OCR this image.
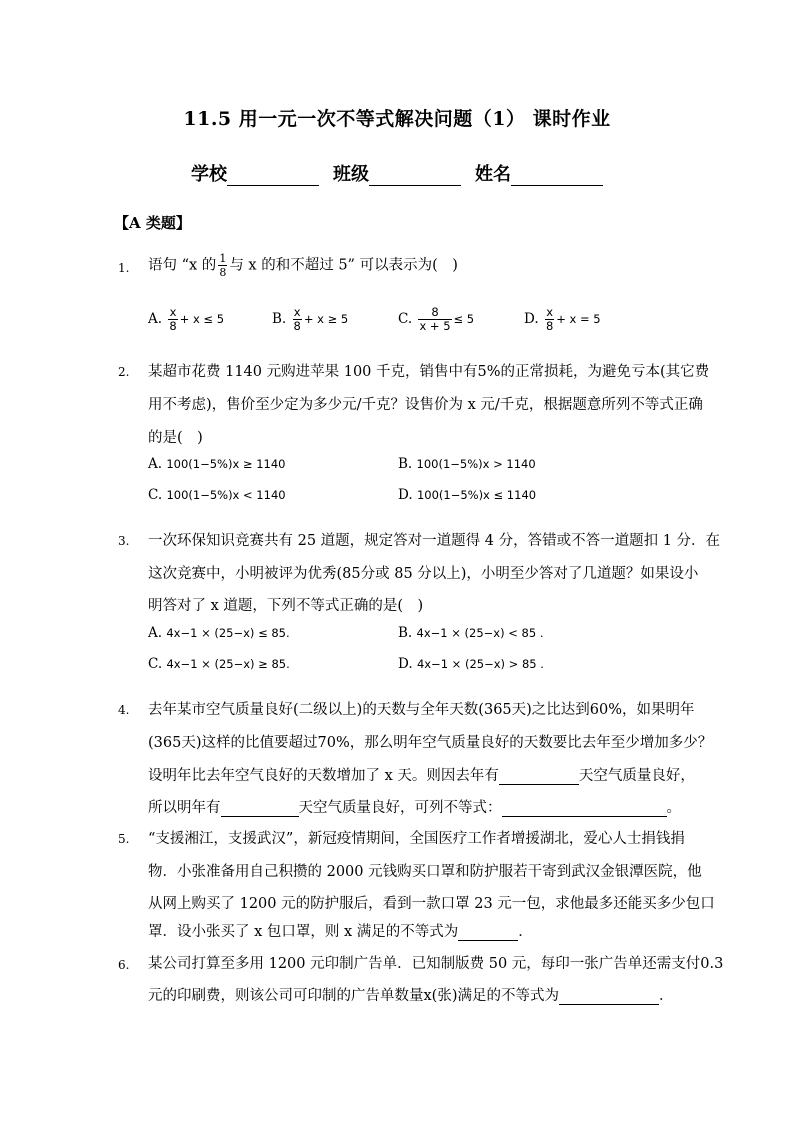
11.5 用一元一次不等式解决问题（1） 课时作业
学校	班级	姓名
【A 类题】
1. 语句 “x 的 $\frac{1}{8}$ 与 x 的和不超过 5” 可以表示为(　)
A. $\frac{x}{8} + x \le 5$	B. $\frac{x}{8} + x \ge 5$	C. $\frac{8}{x + 5} \le 5$	D. $\frac{x}{8} + x = 5$
2. 某超市花费 1140 元购进苹果 100 千克，销售中有5%的正常损耗，为避免亏本(其它费
用不考虑)，售价至少定为多少元/千克？设售价为 x 元/千克，根据题意所列不等式正确
的是(　)
A. 100(1−5%)x ≥ 1140	B. 100(1−5%)x > 1140
C. 100(1−5%)x < 1140	D. 100(1−5%)x ≤ 1140
3. 一次环保知识竞赛共有 25 道题，规定答对一道题得 4 分，答错或不答一道题扣 1 分．在
这次竞赛中，小明被评为优秀(85分或 85 分以上)，小明至少答对了几道题？如果设小
明答对了 x 道题，下列不等式正确的是(　)
A. 4x−1 × (25−x) ≤ 85.	B. 4x−1 × (25−x) < 85 .
C. 4x−1 × (25−x) ≥ 85.	D. 4x−1 × (25−x) > 85 .
4. 去年某市空气质量良好(二级以上)的天数与全年天数(365天)之比达到60%，如果明年
(365天)这样的比值要超过70%，那么明年空气质量良好的天数要比去年至少增加多少？
设明年比去年空气良好的天数增加了 x 天。则因去年有	天空气质量良好，
所以明年有	天空气质量良好，可列不等式：	。
5. “支援湘江，支援武汉”，新冠疫情期间，全国医疗工作者增援湖北，爱心人士捐钱捐
物．小张准备用自己积攒的 2000 元钱购买口罩和防护服若干寄到武汉金银潭医院，他
从网上购买了 1200 元的防护服后，看到一款口罩 23 元一包，求他最多还能买多少包口
罩．设小张买了 x 包口罩，则 x 满足的不等式为	．
6. 某公司打算至多用 1200 元印制广告单．已知制版费 50 元，每印一张广告单还需支付0.3
元的印刷费，则该公司可印制的广告单数量x(张)满足的不等式为	．
